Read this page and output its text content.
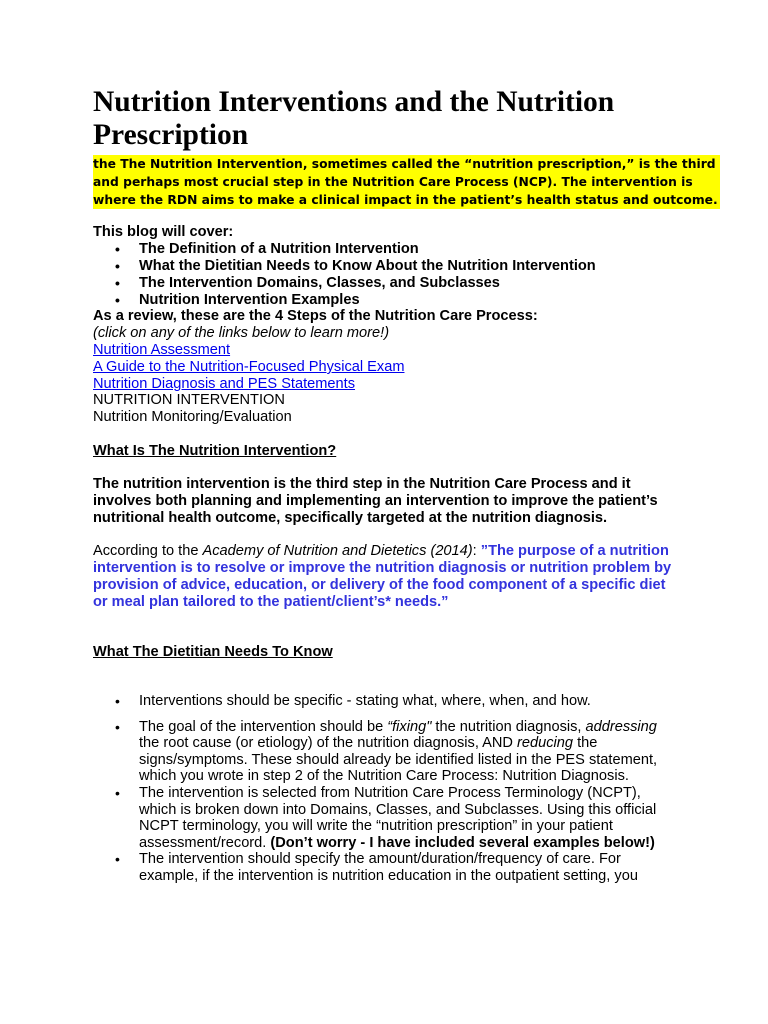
Nutrition Interventions and the Nutrition Prescription
the The Nutrition Intervention, sometimes called the “nutrition prescription,” is the third
and perhaps most crucial step in the Nutrition Care Process (NCP). The intervention is
where the RDN aims to make a clinical impact in the patient’s health status and outcome.
This blog will cover:
• The Definition of a Nutrition Intervention
• What the Dietitian Needs to Know About the Nutrition Intervention
• The Intervention Domains, Classes, and Subclasses
• Nutrition Intervention Examples
As a review, these are the 4 Steps of the Nutrition Care Process:
(click on any of the links below to learn more!)
Nutrition Assessment
A Guide to the Nutrition-Focused Physical Exam
Nutrition Diagnosis and PES Statements
NUTRITION INTERVENTION
Nutrition Monitoring/Evaluation
What Is The Nutrition Intervention?
The nutrition intervention is the third step in the Nutrition Care Process and it involves both planning and implementing an intervention to improve the patient’s nutritional health outcome, specifically targeted at the nutrition diagnosis.
According to the Academy of Nutrition and Dietetics (2014): ”The purpose of a nutrition intervention is to resolve or improve the nutrition diagnosis or nutrition problem by provision of advice, education, or delivery of the food component of a specific diet or meal plan tailored to the patient/client’s* needs.”
What The Dietitian Needs To Know
• Interventions should be specific - stating what, where, when, and how.
• The goal of the intervention should be “fixing" the nutrition diagnosis, addressing the root cause (or etiology) of the nutrition diagnosis, AND reducing the signs/symptoms. These should already be identified listed in the PES statement, which you wrote in step 2 of the Nutrition Care Process: Nutrition Diagnosis.
• The intervention is selected from Nutrition Care Process Terminology (NCPT), which is broken down into Domains, Classes, and Subclasses. Using this official NCPT terminology, you will write the “nutrition prescription” in your patient assessment/record. (Don’t worry - I have included several examples below!)
• The intervention should specify the amount/duration/frequency of care. For example, if the intervention is nutrition education in the outpatient setting, you
